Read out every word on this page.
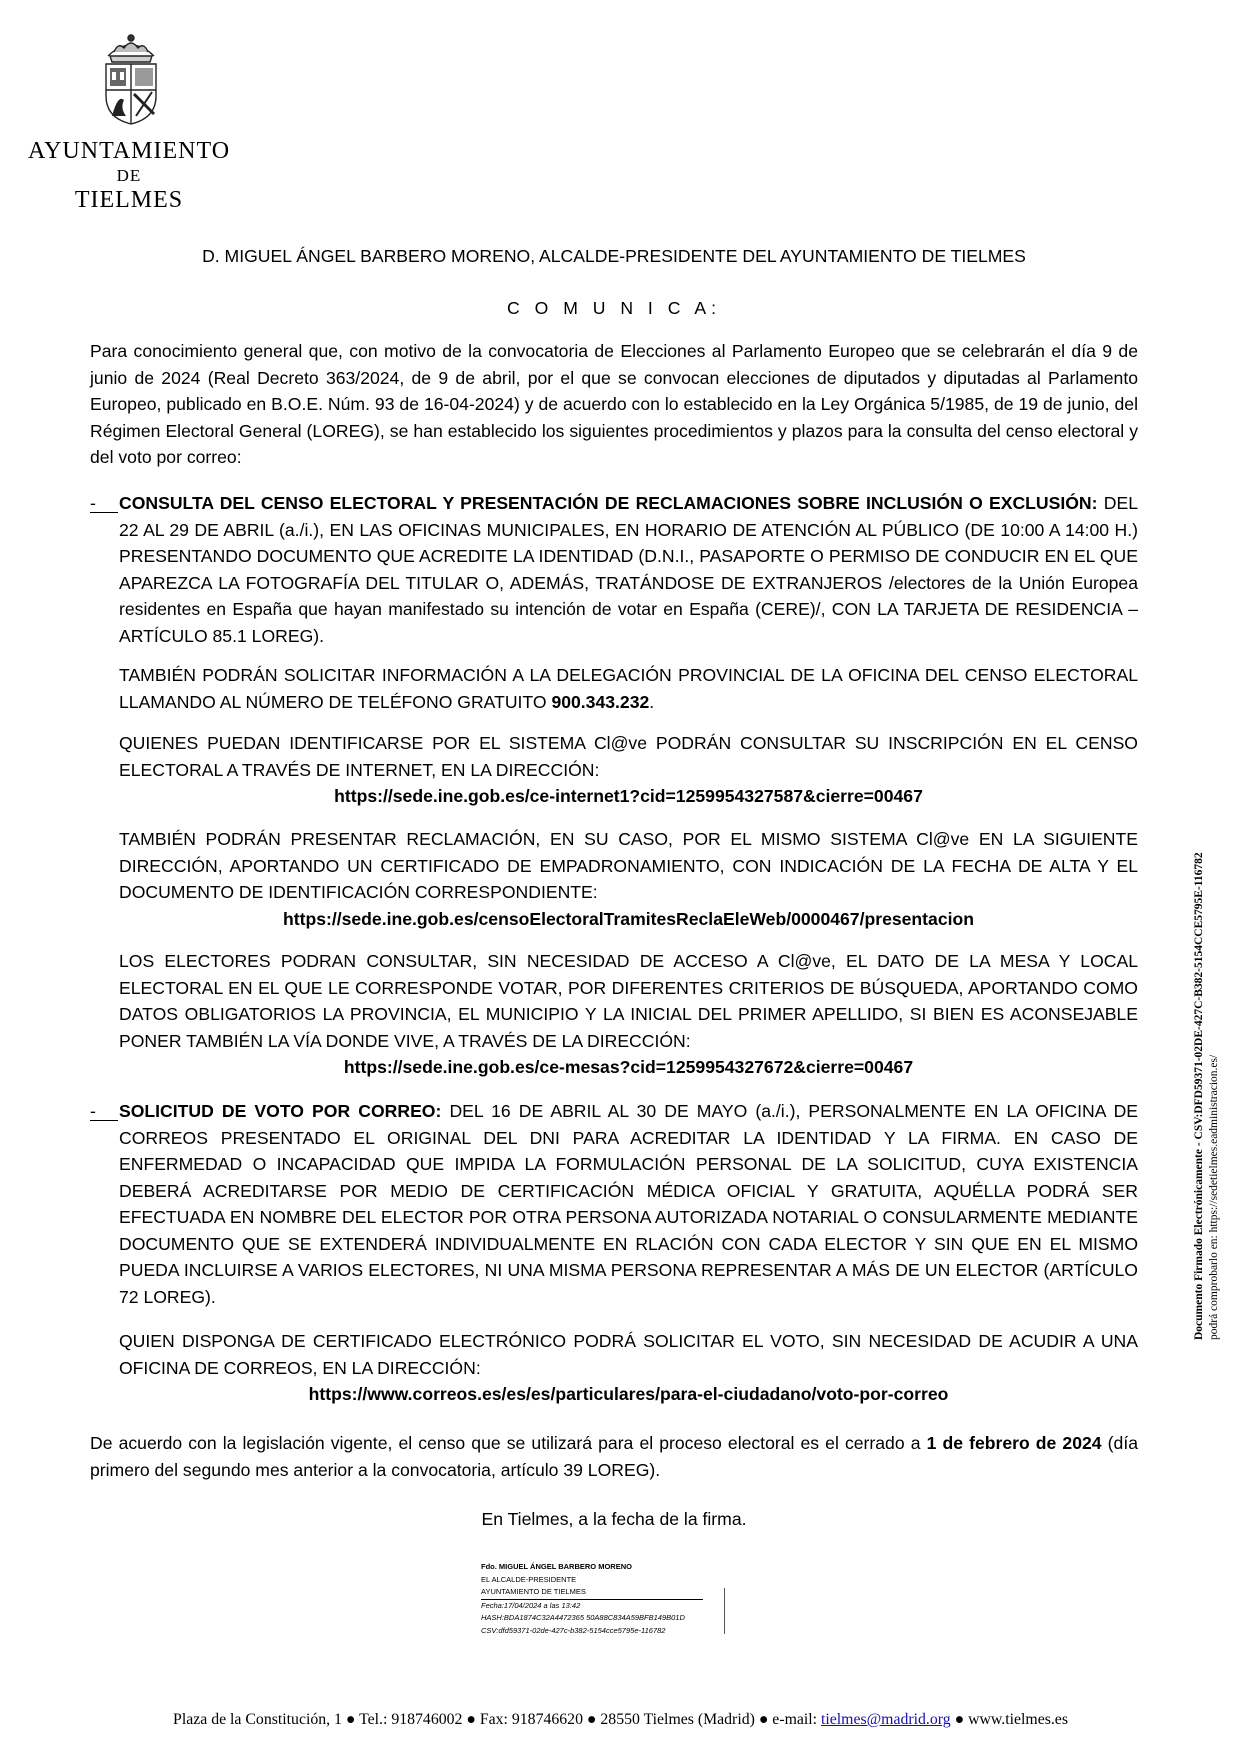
AYUNTAMIENTO
DE
TIELMES
D. MIGUEL ÁNGEL BARBERO MORENO, ALCALDE-PRESIDENTE DEL AYUNTAMIENTO DE TIELMES
C O M U N I C A:
Para conocimiento general que, con motivo de la convocatoria de Elecciones al Parlamento Europeo que se celebrarán el día 9 de junio de 2024 (Real Decreto 363/2024, de 9 de abril, por el que se convocan elecciones de diputados y diputadas al Parlamento Europeo, publicado en B.O.E. Núm. 93 de 16-04-2024) y de acuerdo con lo establecido en la Ley Orgánica 5/1985, de 19 de junio, del Régimen Electoral General (LOREG), se han establecido los siguientes procedimientos y plazos para la consulta del censo electoral y del voto por correo:
-	CONSULTA DEL CENSO ELECTORAL Y PRESENTACIÓN DE RECLAMACIONES SOBRE INCLUSIÓN O EXCLUSIÓN: DEL 22 AL 29 DE ABRIL (a./i.), EN LAS OFICINAS MUNICIPALES, EN HORARIO DE ATENCIÓN AL PÚBLICO (DE 10:00 A 14:00 H.) PRESENTANDO DOCUMENTO QUE ACREDITE LA IDENTIDAD (D.N.I., PASAPORTE O PERMISO DE CONDUCIR EN EL QUE APAREZCA LA FOTOGRAFÍA DEL TITULAR O, ADEMÁS, TRATÁNDOSE DE EXTRANJEROS /electores de la Unión Europea residentes en España que hayan manifestado su intención de votar en España (CERE)/, CON LA TARJETA DE RESIDENCIA – ARTÍCULO 85.1 LOREG).
TAMBIÉN PODRÁN SOLICITAR INFORMACIÓN A LA DELEGACIÓN PROVINCIAL DE LA OFICINA DEL CENSO ELECTORAL LLAMANDO AL NÚMERO DE TELÉFONO GRATUITO 900.343.232.
QUIENES PUEDAN IDENTIFICARSE POR EL SISTEMA Cl@ve PODRÁN CONSULTAR SU INSCRIPCIÓN EN EL CENSO ELECTORAL A TRAVÉS DE INTERNET, EN LA DIRECCIÓN:
https://sede.ine.gob.es/ce-internet1?cid=1259954327587&cierre=00467
TAMBIÉN PODRÁN PRESENTAR RECLAMACIÓN, EN SU CASO, POR EL MISMO SISTEMA Cl@ve EN LA SIGUIENTE DIRECCIÓN, APORTANDO UN CERTIFICADO DE EMPADRONAMIENTO, CON INDICACIÓN DE LA FECHA DE ALTA Y EL DOCUMENTO DE IDENTIFICACIÓN CORRESPONDIENTE:
https://sede.ine.gob.es/censoElectoralTramitesReclaEleWeb/0000467/presentacion
LOS ELECTORES PODRAN CONSULTAR, SIN NECESIDAD DE ACCESO A Cl@ve, EL DATO DE LA MESA Y LOCAL ELECTORAL EN EL QUE LE CORRESPONDE VOTAR, POR DIFERENTES CRITERIOS DE BÚSQUEDA, APORTANDO COMO DATOS OBLIGATORIOS LA PROVINCIA, EL MUNICIPIO Y LA INICIAL DEL PRIMER APELLIDO, SI BIEN ES ACONSEJABLE PONER TAMBIÉN LA VÍA DONDE VIVE, A TRAVÉS DE LA DIRECCIÓN:
https://sede.ine.gob.es/ce-mesas?cid=1259954327672&cierre=00467
-	SOLICITUD DE VOTO POR CORREO: DEL 16 DE ABRIL AL 30 DE MAYO (a./i.), PERSONALMENTE EN LA OFICINA DE CORREOS PRESENTADO EL ORIGINAL DEL DNI PARA ACREDITAR LA IDENTIDAD Y LA FIRMA. EN CASO DE ENFERMEDAD O INCAPACIDAD QUE IMPIDA LA FORMULACIÓN PERSONAL DE LA SOLICITUD, CUYA EXISTENCIA DEBERÁ ACREDITARSE POR MEDIO DE CERTIFICACIÓN MÉDICA OFICIAL Y GRATUITA, AQUÉLLA PODRÁ SER EFECTUADA EN NOMBRE DEL ELECTOR POR OTRA PERSONA AUTORIZADA NOTARIAL O CONSULARMENTE MEDIANTE DOCUMENTO QUE SE EXTENDERÁ INDIVIDUALMENTE EN RLACIÓN CON CADA ELECTOR Y SIN QUE EN EL MISMO PUEDA INCLUIRSE A VARIOS ELECTORES, NI UNA MISMA PERSONA REPRESENTAR A MÁS DE UN ELECTOR (ARTÍCULO 72 LOREG).
QUIEN DISPONGA DE CERTIFICADO ELECTRÓNICO PODRÁ SOLICITAR EL VOTO, SIN NECESIDAD DE ACUDIR A UNA OFICINA DE CORREOS, EN LA DIRECCIÓN:
https://www.correos.es/es/es/particulares/para-el-ciudadano/voto-por-correo
De acuerdo con la legislación vigente, el censo que se utilizará para el proceso electoral es el cerrado a 1 de febrero de 2024 (día primero del segundo mes anterior a la convocatoria, artículo 39 LOREG).
En Tielmes, a la fecha de la firma.
Fdo. MIGUEL ÁNGEL BARBERO MORENO
EL ALCALDE-PRESIDENTE
AYUNTAMIENTO DE TIELMES
Fecha:17/04/2024 a las 13:42
HASH:BDA1874C32A4472365 50A88C834A59BFB149B01D
CSV:dfd59371-02de-427c-b382-5154cce5795e-116782
Documento Firmado Electrónicamente - CSV:DFD59371-02DE-427C-B382-5154CCE5795E-116782 podrá comprobarlo en: https://sedetielmes.eadministracion.es/
Plaza de la Constitución, 1 ● Tel.: 918746002 ● Fax: 918746620 ● 28550 Tielmes (Madrid) ● e-mail: tielmes@madrid.org ● www.tielmes.es
